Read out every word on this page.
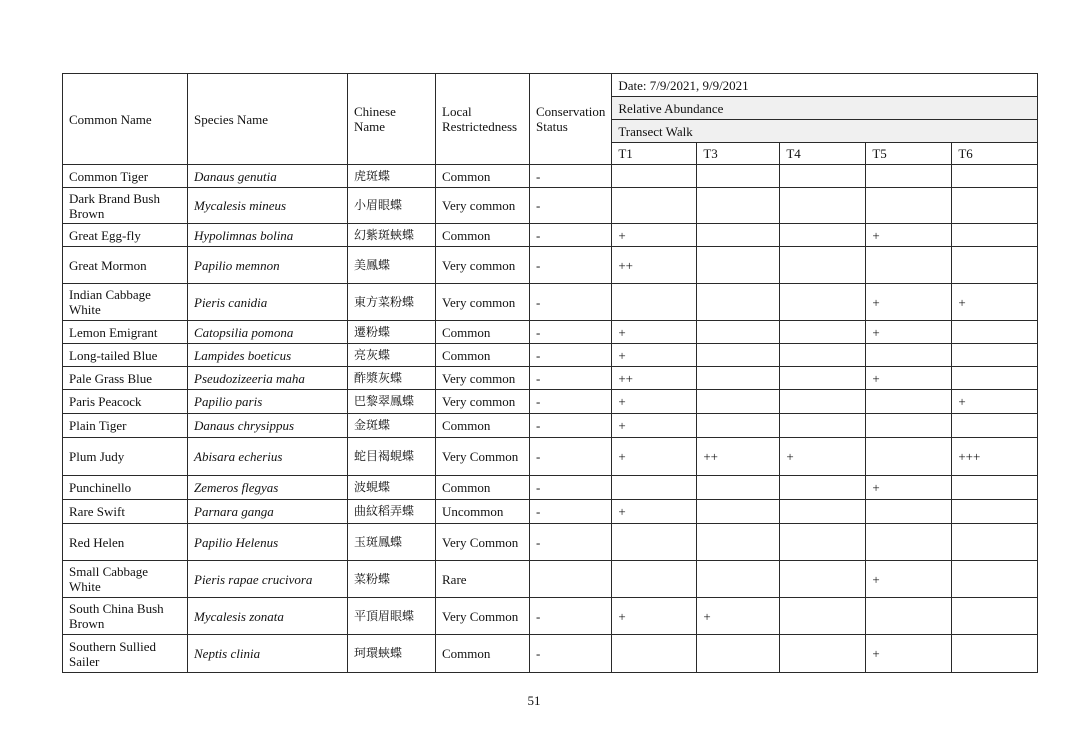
Common Name	Species Name	Chinese Name	Local Restrictedness	Conservation Status	Date: 7/9/2021, 9/9/2021				
					Relative Abundance				
					Transect Walk				
					T1	T3	T4	T5	T6
Common Tiger	Danaus genutia	虎斑蝶	Common	-					
Dark Brand Bush Brown	Mycalesis mineus	小眉眼蝶	Very common	-					
Great Egg-fly	Hypolimnas bolina	幻紫斑蛺蝶	Common	-	+			+	
Great Mormon	Papilio memnon	美鳳蝶	Very common	-	++				
Indian Cabbage White	Pieris canidia	東方菜粉蝶	Very common	-				+	+
Lemon Emigrant	Catopsilia pomona	遷粉蝶	Common	-	+			+	
Long-tailed Blue	Lampides boeticus	亮灰蝶	Common	-	+				
Pale Grass Blue	Pseudozizeeria maha	酢漿灰蝶	Very common	-	++			+	
Paris Peacock	Papilio paris	巴黎翠鳳蝶	Very common	-	+				+
Plain Tiger	Danaus chrysippus	金斑蝶	Common	-	+				
Plum Judy	Abisara echerius	蛇目褐蜆蝶	Very Common	-	+	++	+		+++
Punchinello	Zemeros flegyas	波蜆蝶	Common	-				+	
Rare Swift	Parnara ganga	曲紋稻弄蝶	Uncommon	-	+				
Red Helen	Papilio Helenus	玉斑鳳蝶	Very Common	-					
Small Cabbage White	Pieris rapae crucivora	菜粉蝶	Rare					+	
South China Bush Brown	Mycalesis zonata	平頂眉眼蝶	Very Common	-	+	+			
Southern Sullied Sailer	Neptis clinia	珂環蛺蝶	Common	-				+	
51
